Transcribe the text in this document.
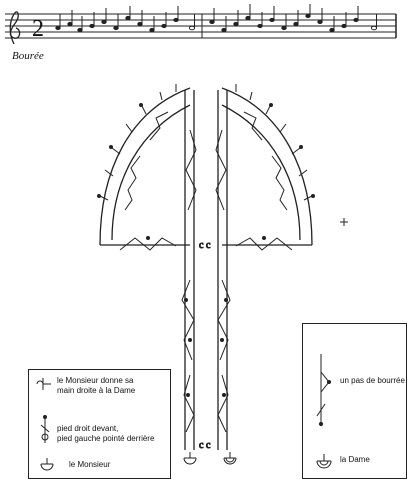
c c
c c
2
Bourée
le Monsieur donne sa
main droite à la Dame
pied droit devant,
pied gauche pointé derrière
le Monsieur
un pas de bourrée
la Dame
